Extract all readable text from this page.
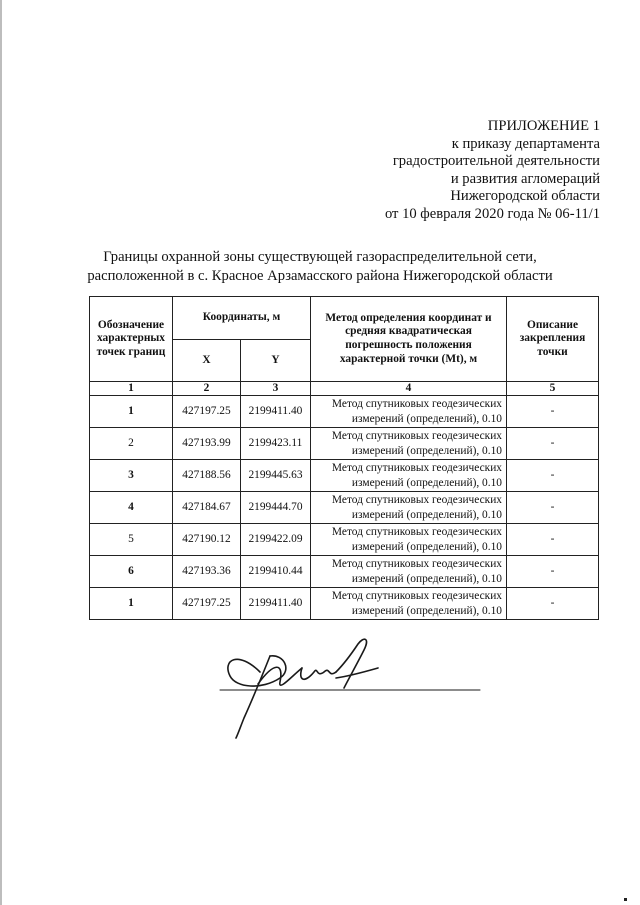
ПРИЛОЖЕНИЕ 1
к приказу департамента
градостроительной деятельности
и развития агломераций
Нижегородской области
от 10 февраля 2020 года № 06-11/1
Границы охранной зоны существующей газораспределительной сети,
расположенной в с. Красное Арзамасского района Нижегородской области
Обозначение характерных точек границ	Координаты, м		Метод определения координат и средняя квадратическая погрешность положения характерной точки (Mt), м	Описание закрепления точки
	X	Y		
1	2	3	4	5
1	427197.25	2199411.40	Метод спутниковых геодезических
измерений (определений), 0.10	-
2	427193.99	2199423.11	Метод спутниковых геодезических
измерений (определений), 0.10	-
3	427188.56	2199445.63	Метод спутниковых геодезических
измерений (определений), 0.10	-
4	427184.67	2199444.70	Метод спутниковых геодезических
измерений (определений), 0.10	-
5	427190.12	2199422.09	Метод спутниковых геодезических
измерений (определений), 0.10	-
6	427193.36	2199410.44	Метод спутниковых геодезических
измерений (определений), 0.10	-
1	427197.25	2199411.40	Метод спутниковых геодезических
измерений (определений), 0.10	-
